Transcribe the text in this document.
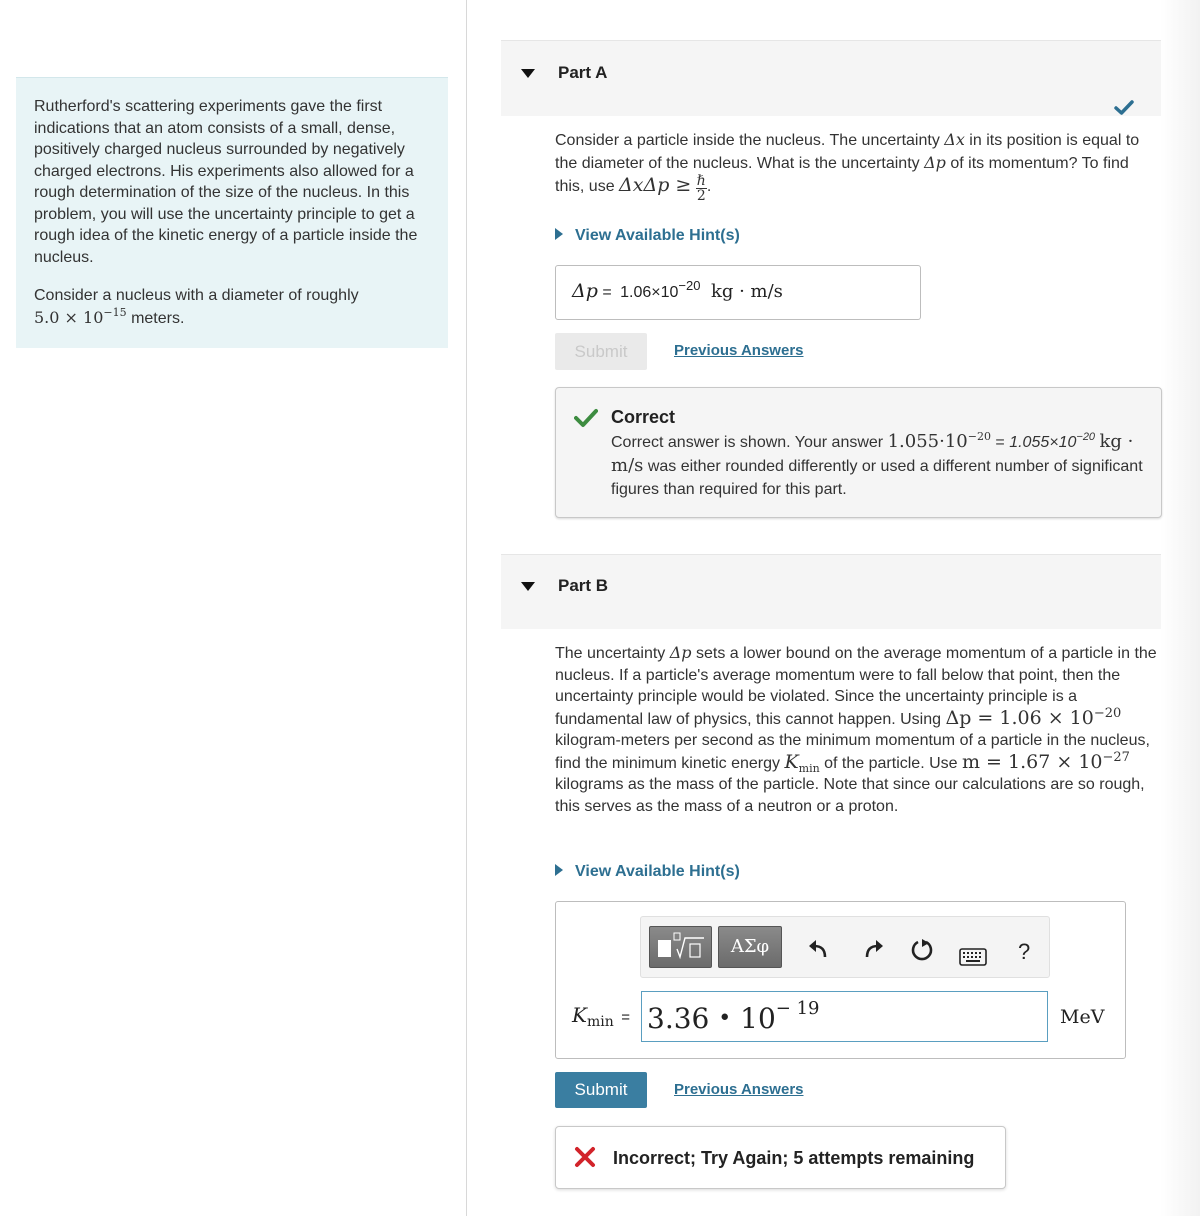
Rutherford's scattering experiments gave the first indications that an atom consists of a small, dense, positively charged nucleus surrounded by negatively charged electrons. His experiments also allowed for a rough determination of the size of the nucleus. In this problem, you will use the uncertainty principle to get a rough idea of the kinetic energy of a particle inside the nucleus.

Consider a nucleus with a diameter of roughly
$5.0 \times 10^{-15}$ meters.

Part A
Consider a particle inside the nucleus. The uncertainty Δx in its position is equal to the diameter of the nucleus. What is the uncertainty Δp of its momentum? To find this, use ΔxΔp ≥ ℏ
2
.
View Available Hint(s)
$\Delta p = 1.06\times 10^{-20}$ kg · m/s
Submit	Previous Answers
Correct
Correct answer is shown. Your answer $1.055\cdot 10^{-20} = 1.055\times 10^{-20}$ kg · m/s was either rounded differently or used a different number of significant figures than required for this part.
Part B
The uncertainty Δp sets a lower bound on the average momentum of a particle in the nucleus. If a particle's average momentum were to fall below that point, then the uncertainty principle would be violated. Since the uncertainty principle is a fundamental law of physics, this cannot happen. Using $\Delta p = 1.06 \times 10^{-20}$ kilogram-meters per second as the minimum momentum of a particle in the nucleus, find the minimum kinetic energy $K_{min}$ of the particle. Use $m = 1.67 \times 10^{-27}$ kilograms as the mass of the particle. Note that since our calculations are so rough, this serves as the mass of a neutron or a proton.
View Available Hint(s)
ΑΣφ	?
$K_{min} = 3.36$ • $10^{- 19}$	MeV
Submit	Previous Answers
Incorrect; Try Again; 5 attempts remaining
